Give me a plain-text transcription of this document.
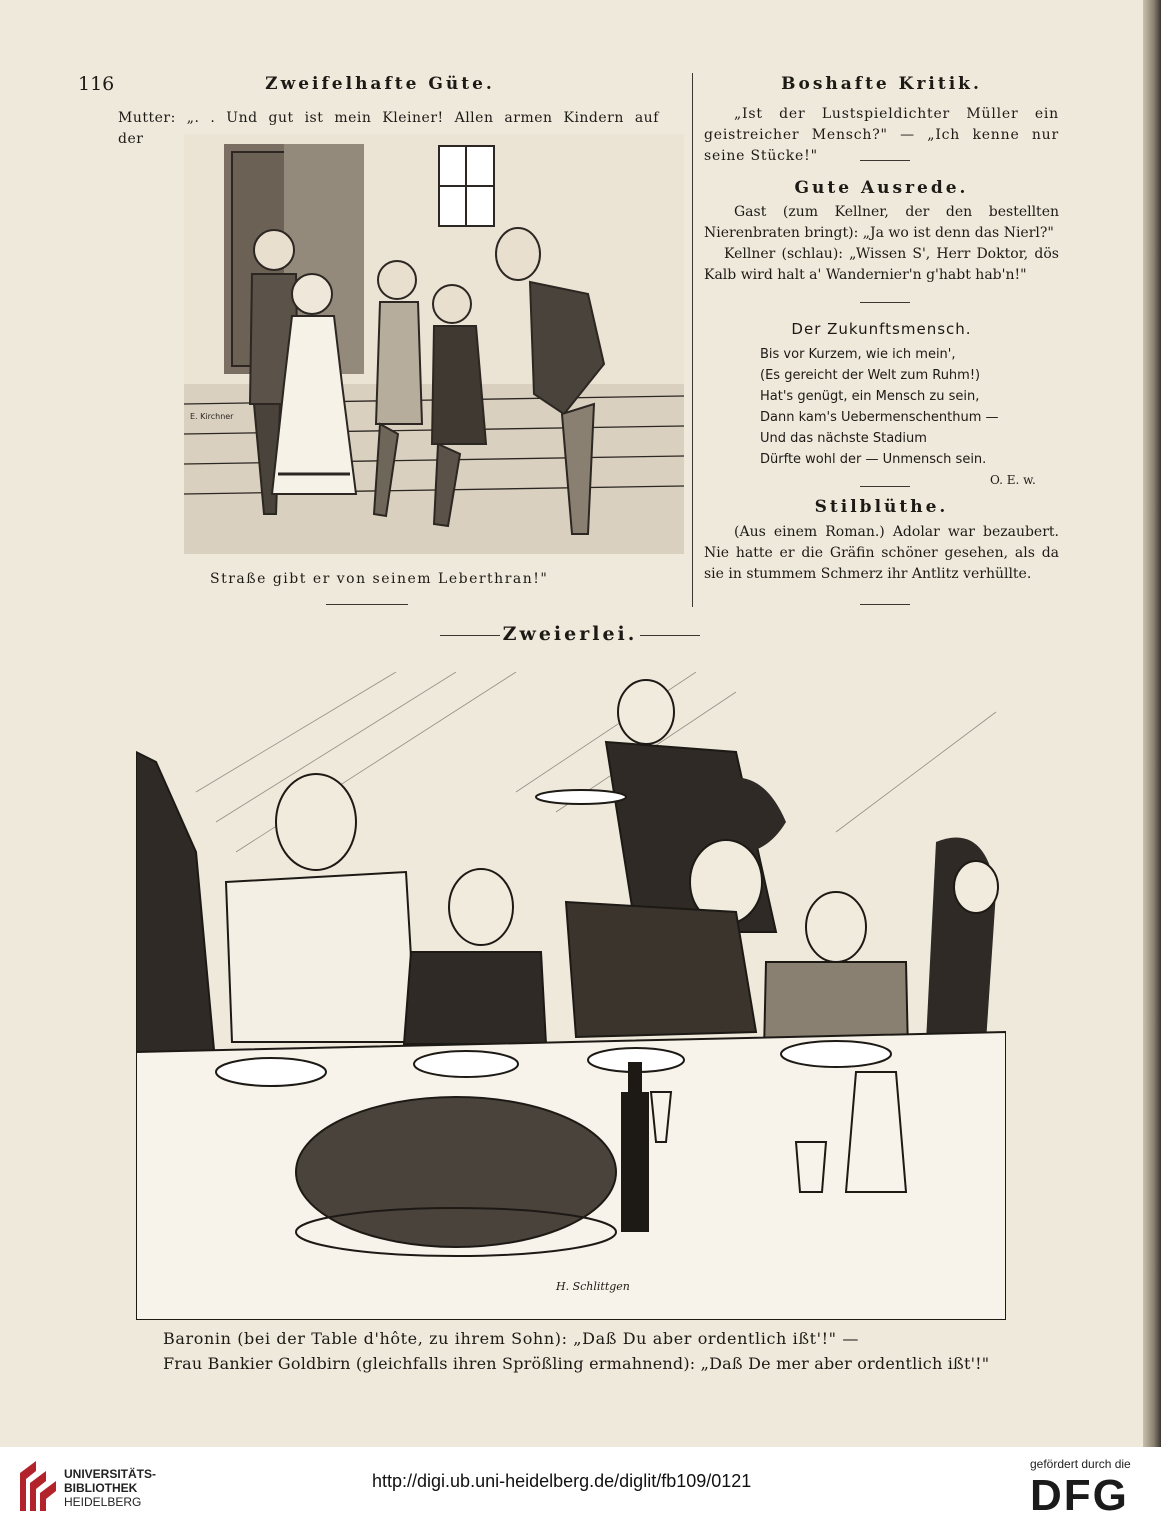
116	Zweifelhafte Güte.
Mutter: „. . Und gut ist mein Kleiner! Allen armen Kindern auf der
E. Kirchner
Straße gibt er von seinem Leberthran!"
Boshafte Kritik.
„Ist der Lustspieldichter Müller ein geistreicher Mensch?" — „Ich kenne nur seine Stücke!"
Gute Ausrede.
Gast (zum Kellner, der den bestellten Nierenbraten bringt): „Ja wo ist denn das Nierl?"
Kellner (schlau): „Wissen S', Herr Doktor, dös Kalb wird halt a' Wandernier'n g'habt hab'n!"
Der Zukunftsmensch.
Bis vor Kurzem, wie ich mein',
(Es gereicht der Welt zum Ruhm!)
Hat's genügt, ein Mensch zu sein,
Dann kam's Uebermenschenthum —
Und das nächste Stadium
Dürfte wohl der — Unmensch sein.
O. E. w.
Stilblüthe.
(Aus einem Roman.) Adolar war bezaubert. Nie hatte er die Gräfin schöner gesehen, als da sie in stummem Schmerz ihr Antlitz verhüllte.
Zweierlei.
H. Schlittgen
Baronin (bei der Table d'hôte, zu ihrem Sohn): „Daß Du aber ordentlich ißt'!" —
Frau Bankier Goldbirn (gleichfalls ihren Sprößling ermahnend): „Daß De mer aber ordentlich ißt'!"
UNIVERSITÄTS-
BIBLIOTHEK
HEIDELBERG
http://digi.ub.uni-heidelberg.de/diglit/fb109/0121
gefördert durch die
DFG
